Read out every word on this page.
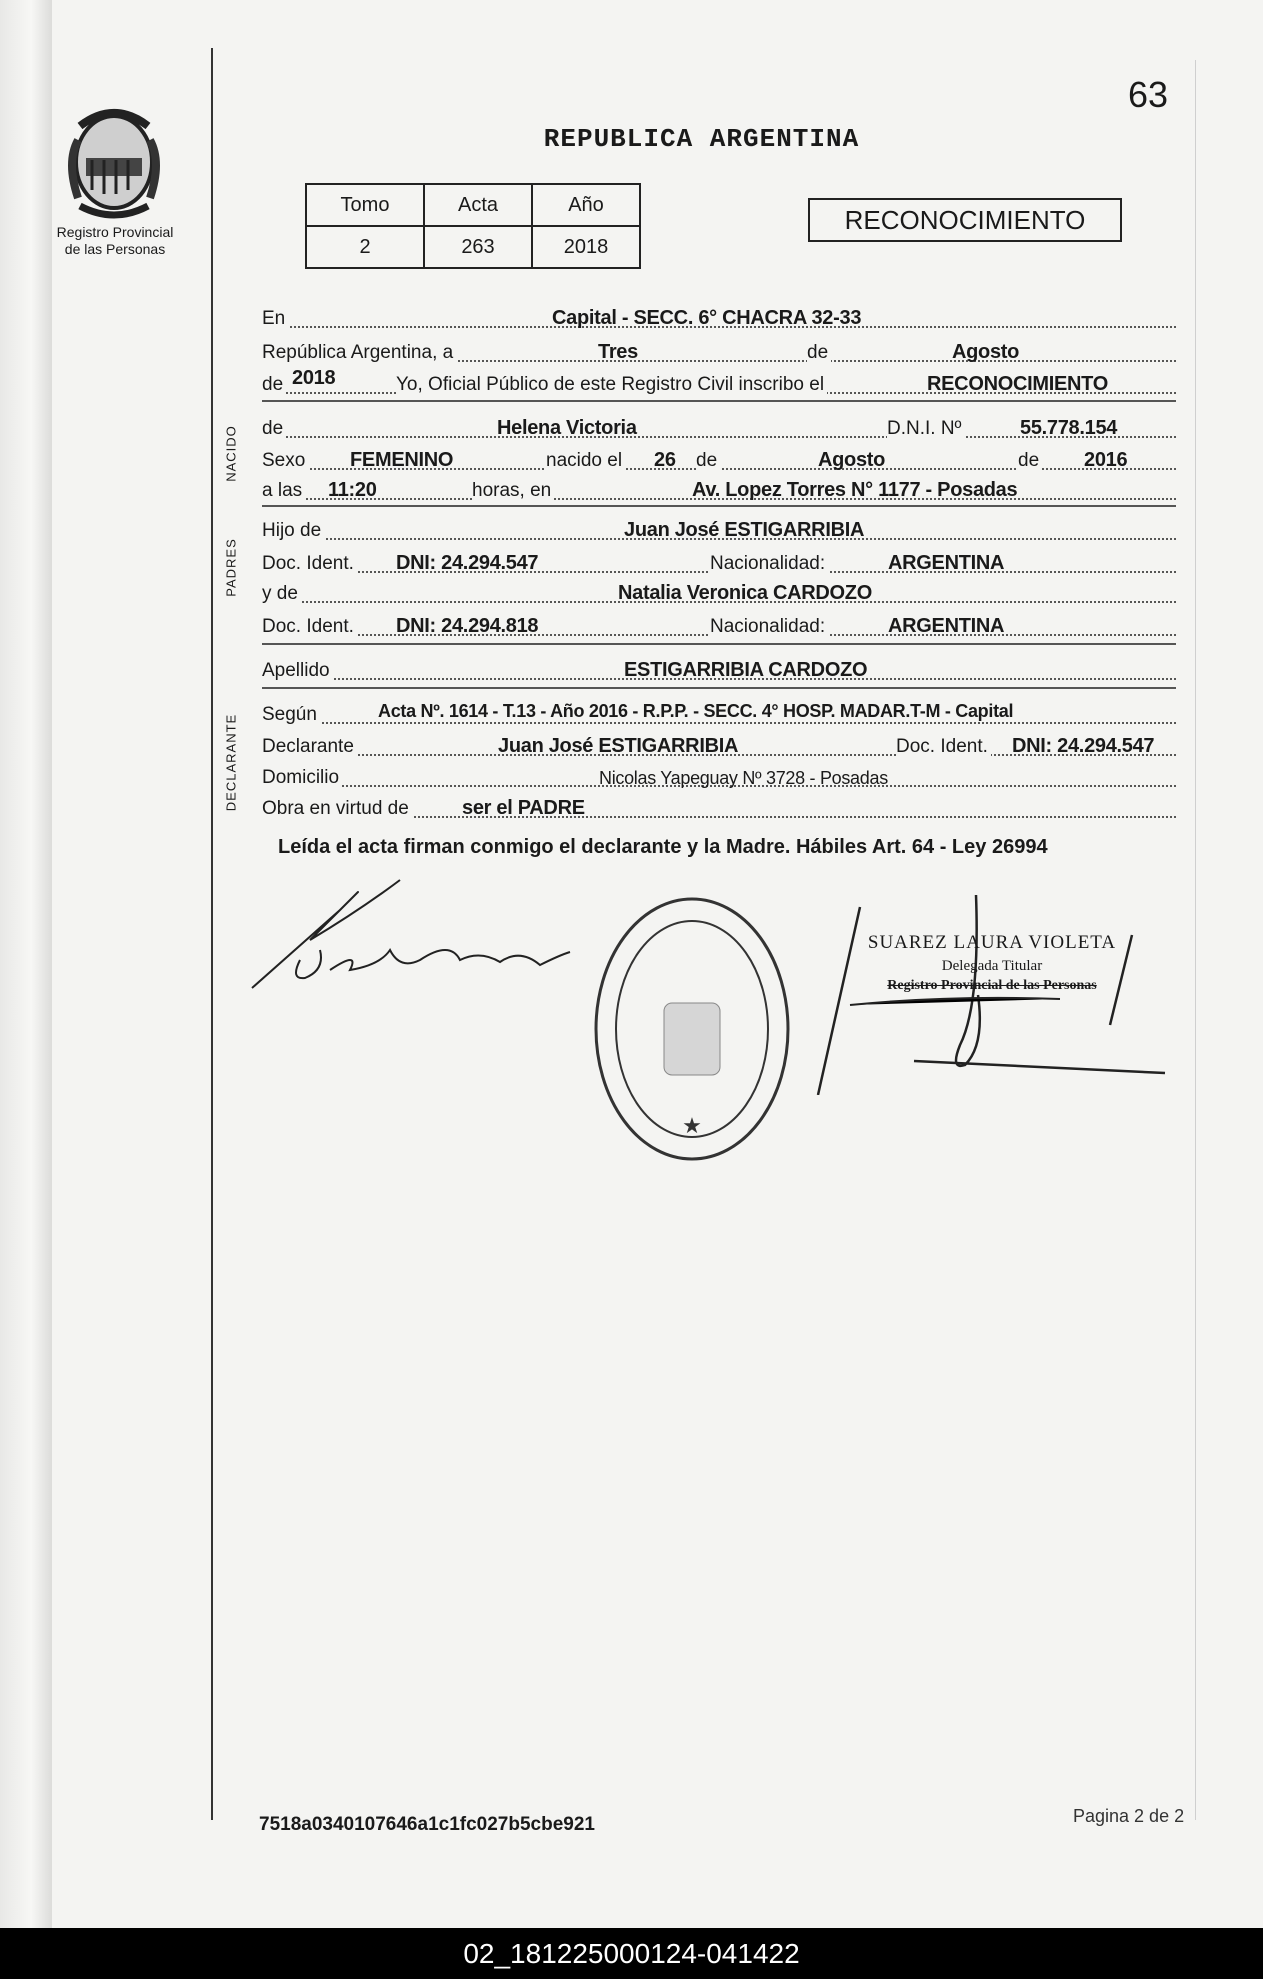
Registro Provincial
de las Personas
63
REPUBLICA ARGENTINA
Tomo	Acta	Año
2	263	2018
RECONOCIMIENTO
NACIDO
PADRES
DECLARANTE
En	Capital - SECC. 6° CHACRA 32-33
República Argentina, a	Tres	de	Agosto
de 2018	Yo, Oficial Público de este Registro Civil inscribo el	RECONOCIMIENTO
de	Helena Victoria	D.N.I. Nº	55.778.154
Sexo FEMENINO	nacido el 26 de	Agosto	de 2016
a las 11:20	horas, en	Av. Lopez Torres N° 1177 - Posadas
Hijo de	Juan José ESTIGARRIBIA
Doc. Ident. DNI: 24.294.547	Nacionalidad:	ARGENTINA
y de	Natalia Veronica CARDOZO
Doc. Ident. DNI: 24.294.818	Nacionalidad:	ARGENTINA
Apellido	ESTIGARRIBIA CARDOZO
Según	Acta Nº. 1614 - T.13 - Año 2016 - R.P.P. - SECC. 4° HOSP. MADAR.T-M - Capital
Declarante	Juan José ESTIGARRIBIA	Doc. Ident. DNI: 24.294.547
Domicilio	Nicolas Yapeguay Nº 3728 - Posadas
Obra en virtud de	ser el PADRE
Leída el acta firman conmigo el declarante y la Madre. Hábiles Art. 64 - Ley 26994
★
SUAREZ LAURA VIOLETA
Delegada Titular
Registro Provincial de las Personas
7518a0340107646a1c1fc027b5cbe921	Pagina 2 de 2
02_181225000124-041422
